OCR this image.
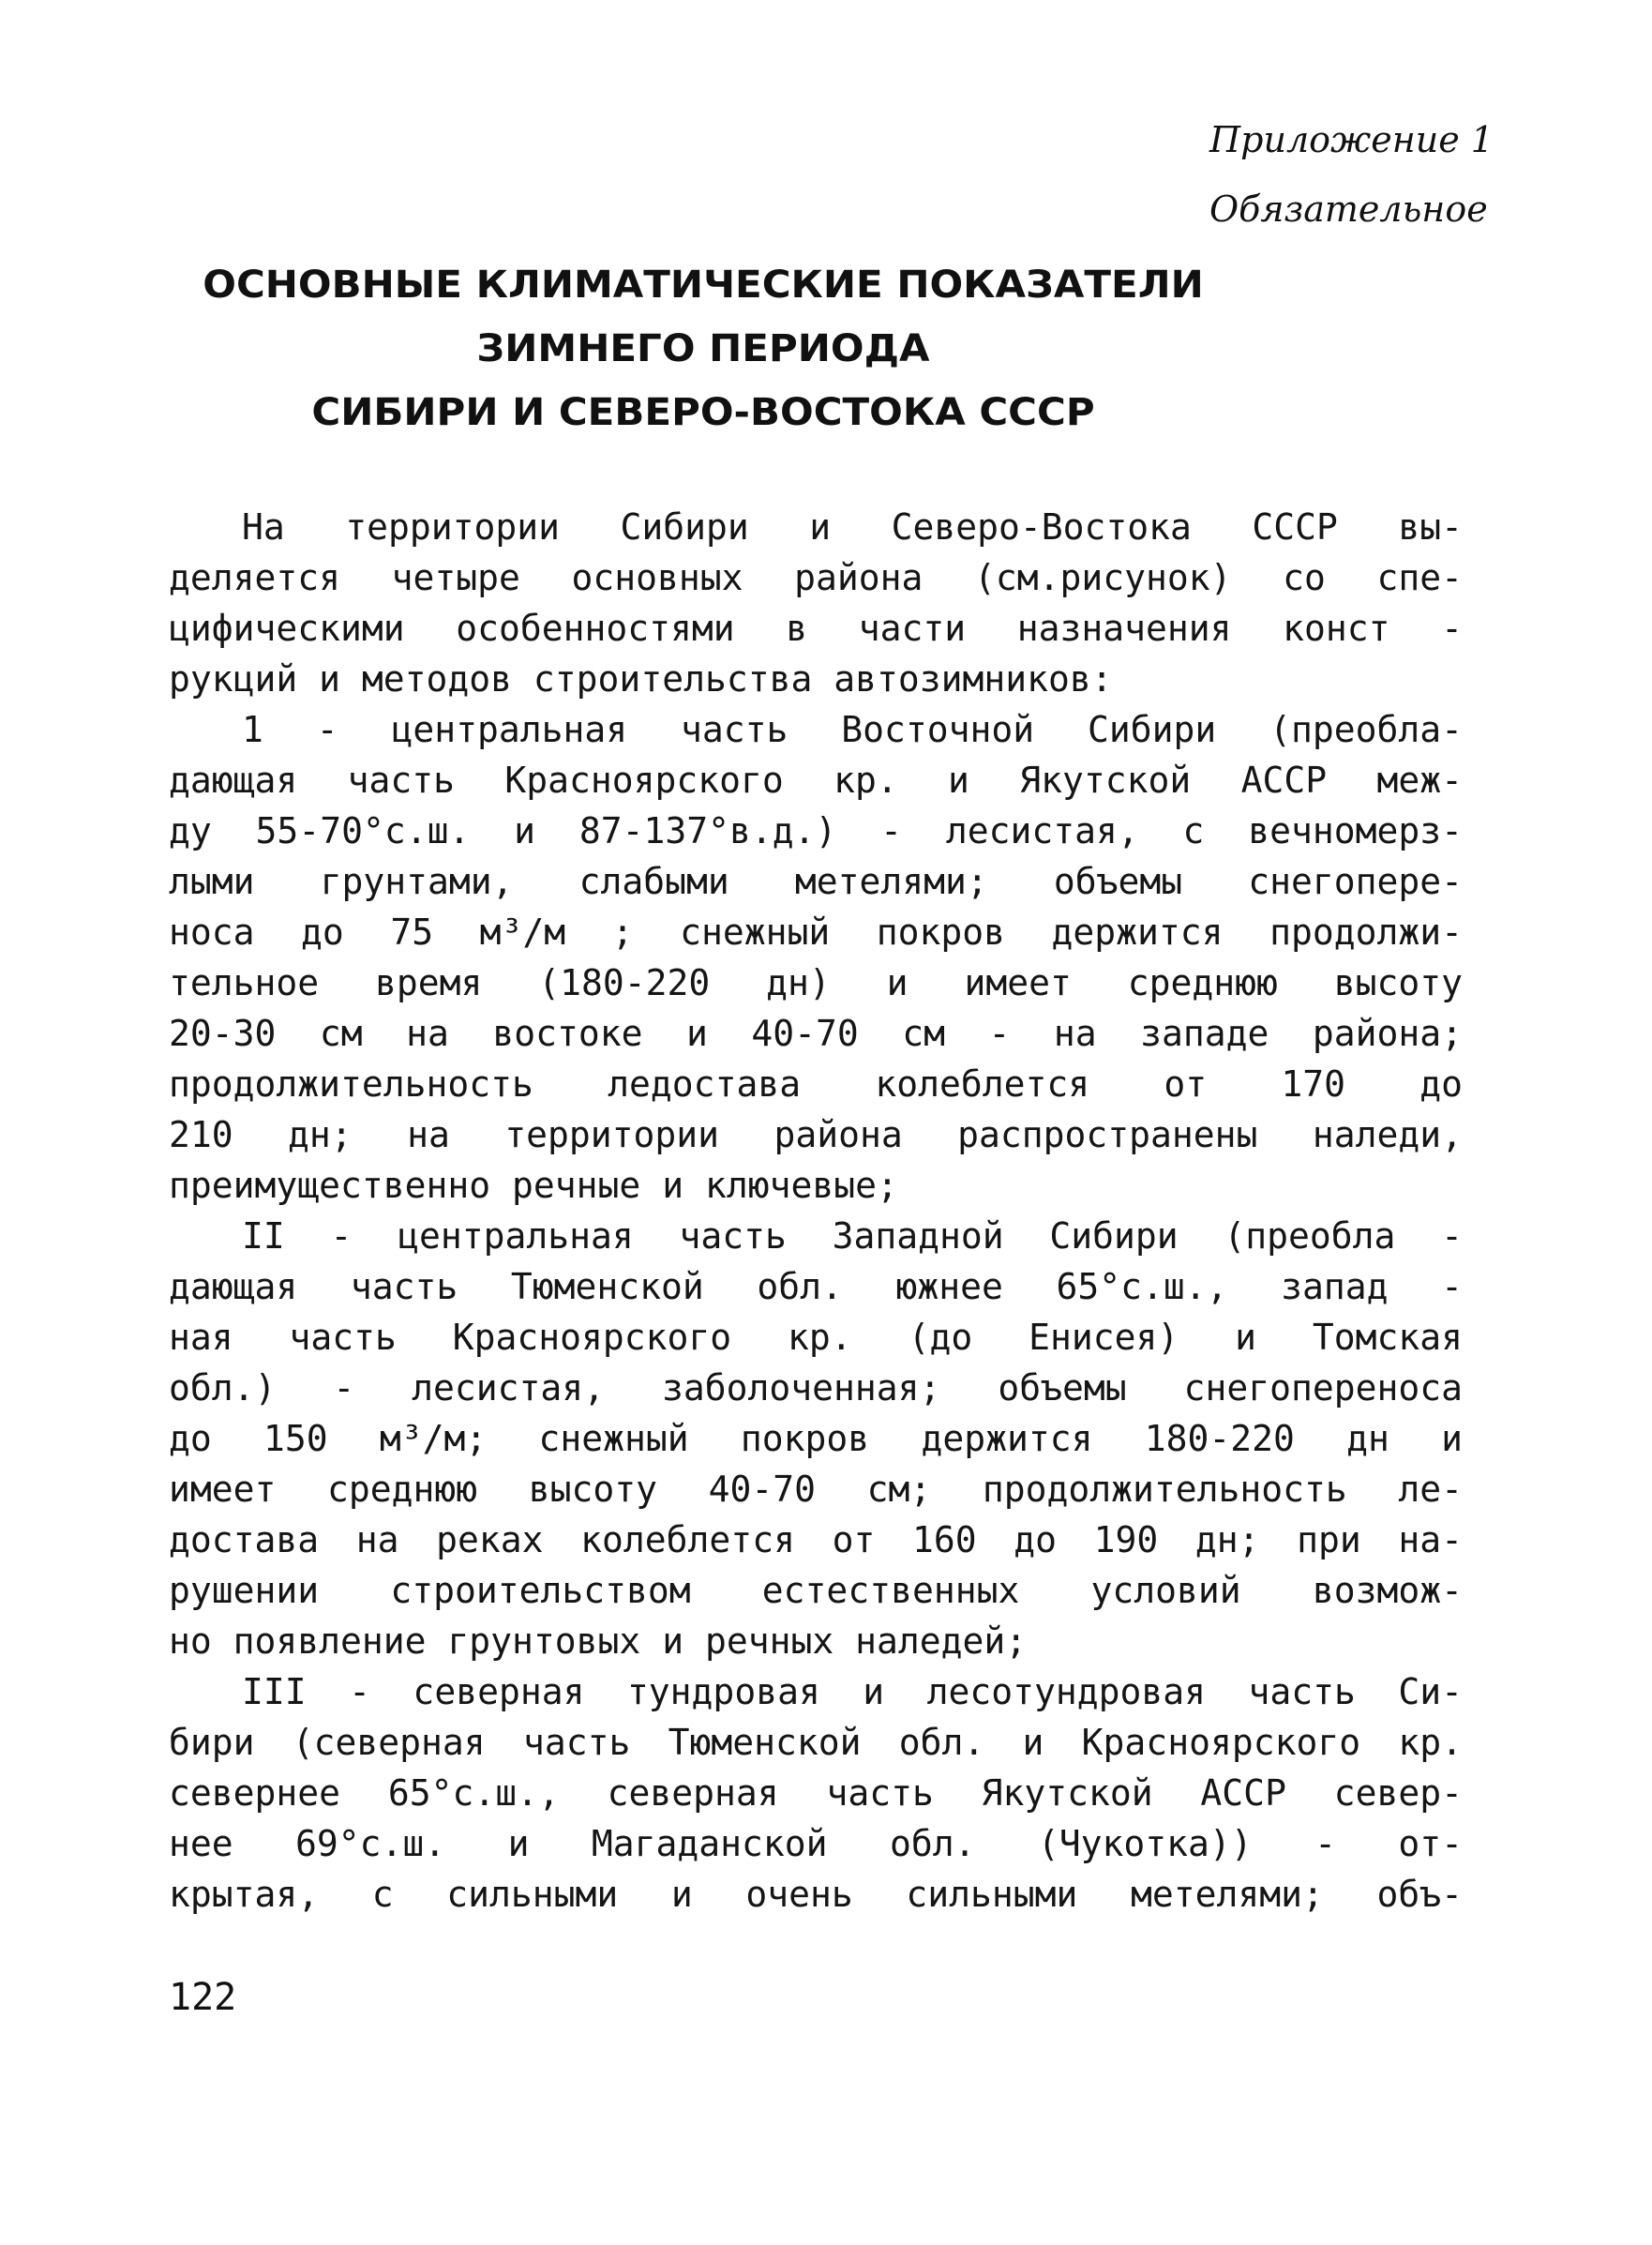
Приложение 1
Обязательное
ОСНОВНЫЕ КЛИМАТИЧЕСКИЕ ПОКАЗАТЕЛИ
ЗИМНЕГО ПЕРИОДА
СИБИРИ И СЕВЕРО-ВОСТОКА СССР
На территории Сибири и Северо-Востока СССР вы-
деляется четыре основных района (см.рисунок) со спе-
цифическими особенностями в части назначения конст -
рукций и методов строительства автозимников:
1 - центральная часть Восточной Сибири (преобла-
дающая часть Красноярского кр. и Якутской АССР меж-
ду 55-70°с.ш. и 87-137°в.д.) - лесистая, с вечномерз-
лыми грунтами, слабыми метелями; объемы снегопере-
носа до 75 м³/м ; снежный покров держится продолжи-
тельное время (180-220 дн) и имеет среднюю высоту
20-30 см на востоке и 40-70 см - на западе района;
продолжительность ледостава колеблется от 170 до
210 дн; на территории района распространены наледи,
преимущественно речные и ключевые;
II - центральная часть Западной Сибири (преобла -
дающая часть Тюменской обл. южнее 65°с.ш., запад -
ная часть Красноярского кр. (до Енисея) и Томская
обл.) - лесистая, заболоченная; объемы снегопереноса
до 150 м³/м; снежный покров держится 180-220 дн и
имеет среднюю высоту 40-70 см; продолжительность ле-
достава на реках колеблется от 160 до 190 дн; при на-
рушении строительством естественных условий возмож-
но появление грунтовых и речных наледей;
III - северная тундровая и лесотундровая часть Си-
бири (северная часть Тюменской обл. и Красноярского кр.
севернее 65°с.ш., северная часть Якутской АССР север-
нее 69°с.ш. и Магаданской обл. (Чукотка)) - от-
крытая, с сильными и очень сильными метелями; объ-
122
